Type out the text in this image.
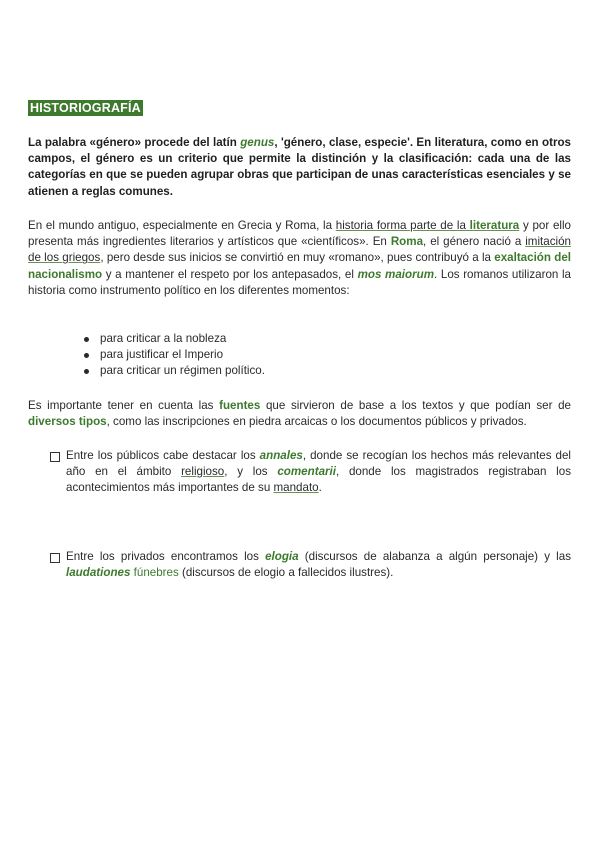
HISTORIOGRAFÍA

La palabra «género» procede del latín genus, 'género, clase, especie'. En literatura, como en otros campos, el género es un criterio que permite la distinción y la clasificación: cada una de las categorías en que se pueden agrupar obras que participan de unas características esenciales y se atienen a reglas comunes.

En el mundo antiguo, especialmente en Grecia y Roma, la historia forma parte de la literatura y por ello presenta más ingredientes literarios y artísticos que «científicos». En Roma, el género nació a imitación de los griegos, pero desde sus inicios se convirtió en muy «romano», pues contribuyó a la exaltación del nacionalismo y a mantener el respeto por los antepasados, el mos maiorum. Los romanos utilizaron la historia como instrumento político en los diferentes momentos:

para criticar a la nobleza
para justificar el Imperio
para criticar un régimen político.

Es importante tener en cuenta las fuentes que sirvieron de base a los textos y que podían ser de diversos tipos, como las inscripciones en piedra arcaicas o los documentos públicos y privados.

Entre los públicos cabe destacar los annales, donde se recogían los hechos más relevantes del año en el ámbito religioso, y los comentarii, donde los magistrados registraban los acontecimientos más importantes de su mandato.

Entre los privados encontramos los elogia (discursos de alabanza a algún personaje) y las laudationes fúnebres (discursos de elogio a fallecidos ilustres).
